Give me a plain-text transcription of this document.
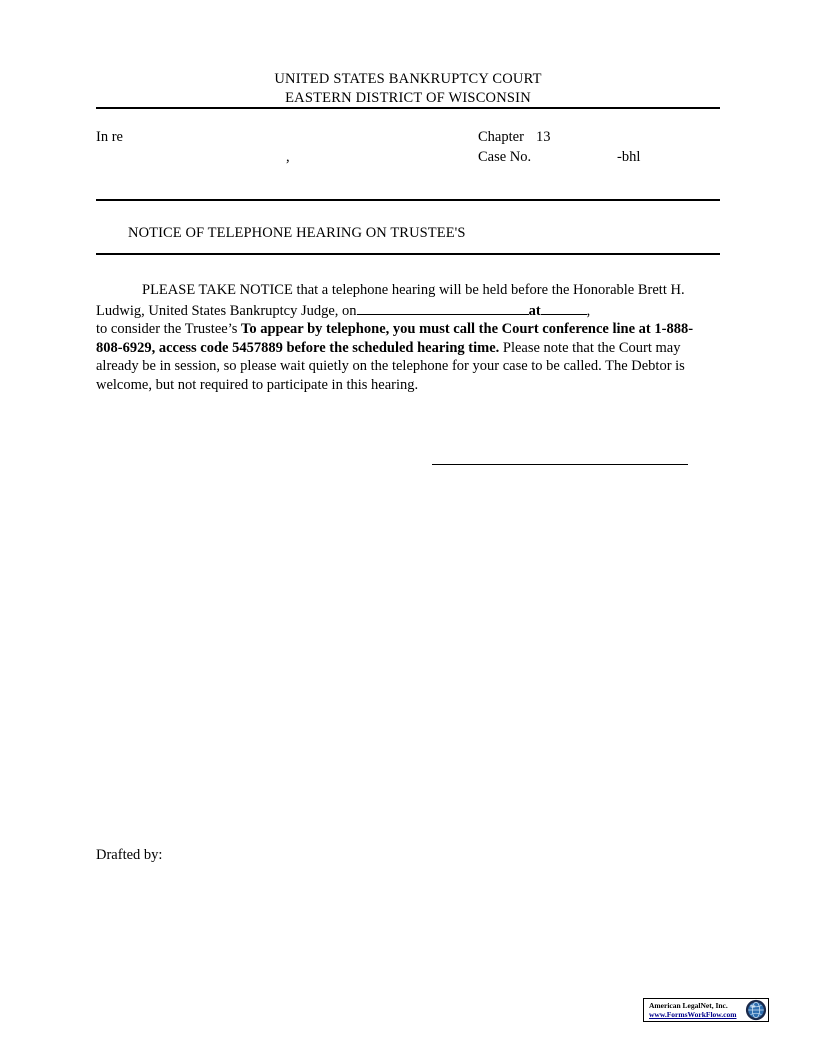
UNITED STATES BANKRUPTCY COURT
EASTERN DISTRICT OF WISCONSIN
In re
,
Chapter 13
Case No.	-bhl
NOTICE OF TELEPHONE HEARING ON TRUSTEE'S

PLEASE TAKE NOTICE that a telephone hearing will be held before the Honorable Brett H. Ludwig, United States Bankruptcy Judge, on	at	,
to consider the Trustee’s To appear by telephone, you must call the Court conference line at 1-888-808-6929, access code 5457889 before the scheduled hearing time. Please note that the Court may already be in session, so please wait quietly on the telephone for your case to be called. The Debtor is welcome, but not required to participate in this hearing.

Drafted by:
American LegalNet, Inc.
www.FormsWorkFlow.com
